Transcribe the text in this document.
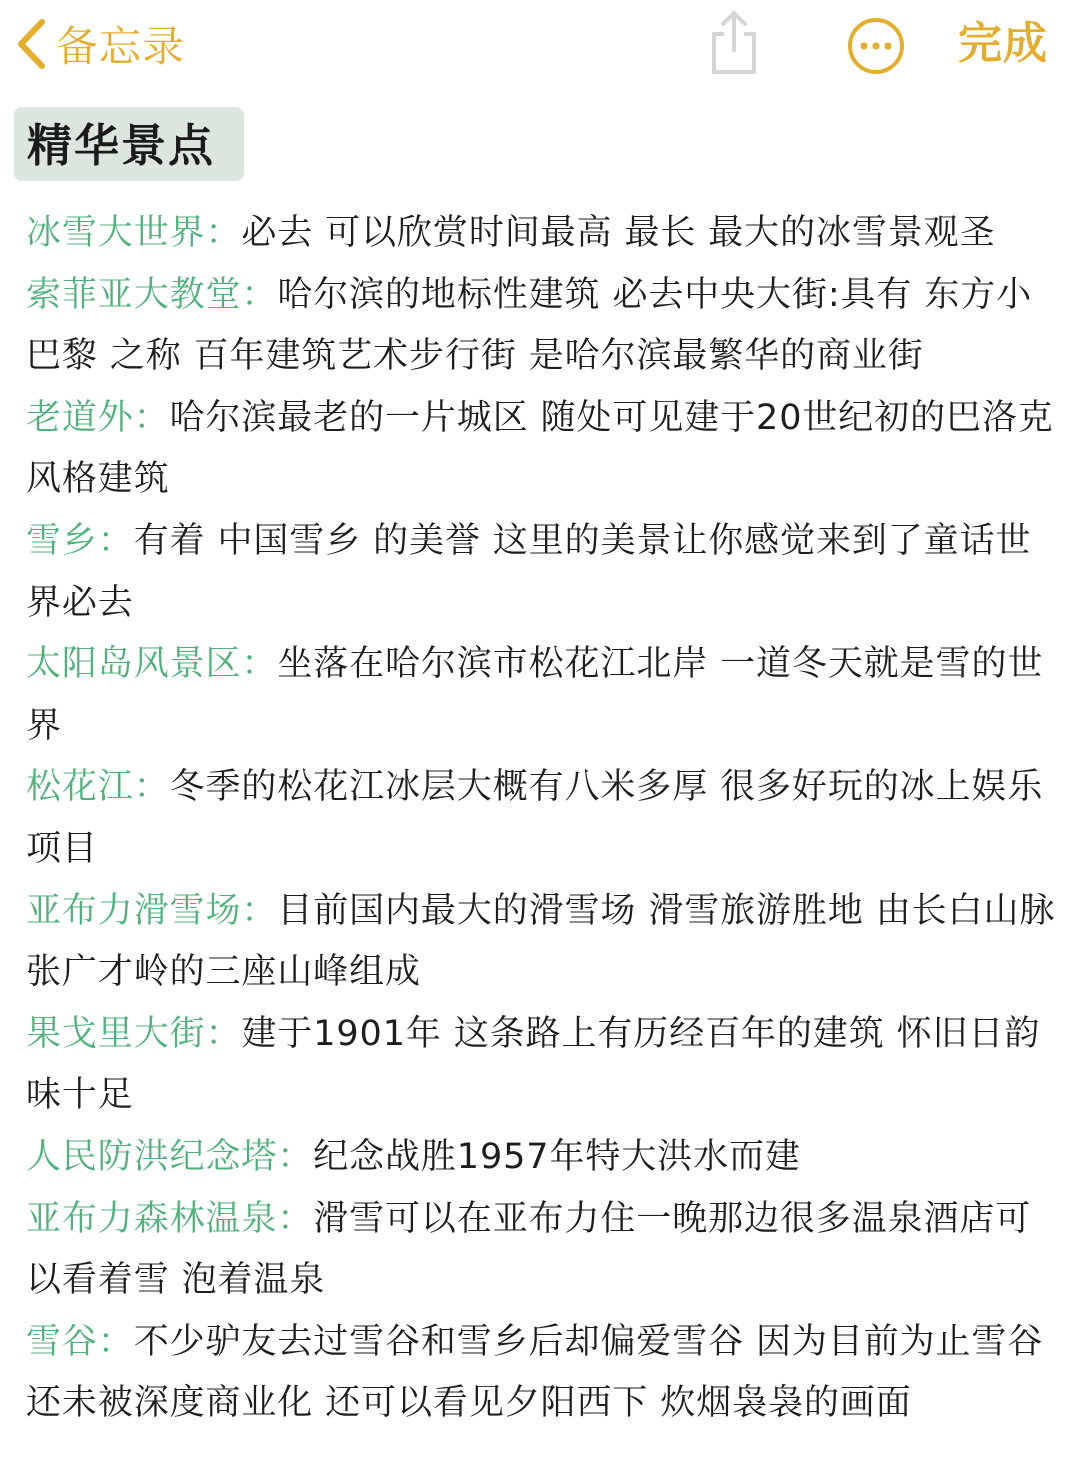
备忘录	完成
精华景点
冰雪大世界：必去 可以欣赏时间最高 最长 最大的冰雪景观圣
索菲亚大教堂：哈尔滨的地标性建筑 必去中央大街:具有 东方小巴黎 之称 百年建筑艺术步行街 是哈尔滨最繁华的商业街
老道外：哈尔滨最老的一片城区 随处可见建于20世纪初的巴洛克风格建筑
雪乡：有着 中国雪乡 的美誉 这里的美景让你感觉来到了童话世界必去
太阳岛风景区：坐落在哈尔滨市松花江北岸 一道冬天就是雪的世界
松花江：冬季的松花江冰层大概有八米多厚 很多好玩的冰上娱乐项目
亚布力滑雪场：目前国内最大的滑雪场 滑雪旅游胜地 由长白山脉张广才岭的三座山峰组成
果戈里大街：建于1901年 这条路上有历经百年的建筑 怀旧日韵味十足
人民防洪纪念塔：纪念战胜1957年特大洪水而建
亚布力森林温泉：滑雪可以在亚布力住一晚那边很多温泉酒店可以看着雪 泡着温泉
雪谷：不少驴友去过雪谷和雪乡后却偏爱雪谷 因为目前为止雪谷还未被深度商业化 还可以看见夕阳西下 炊烟袅袅的画面
